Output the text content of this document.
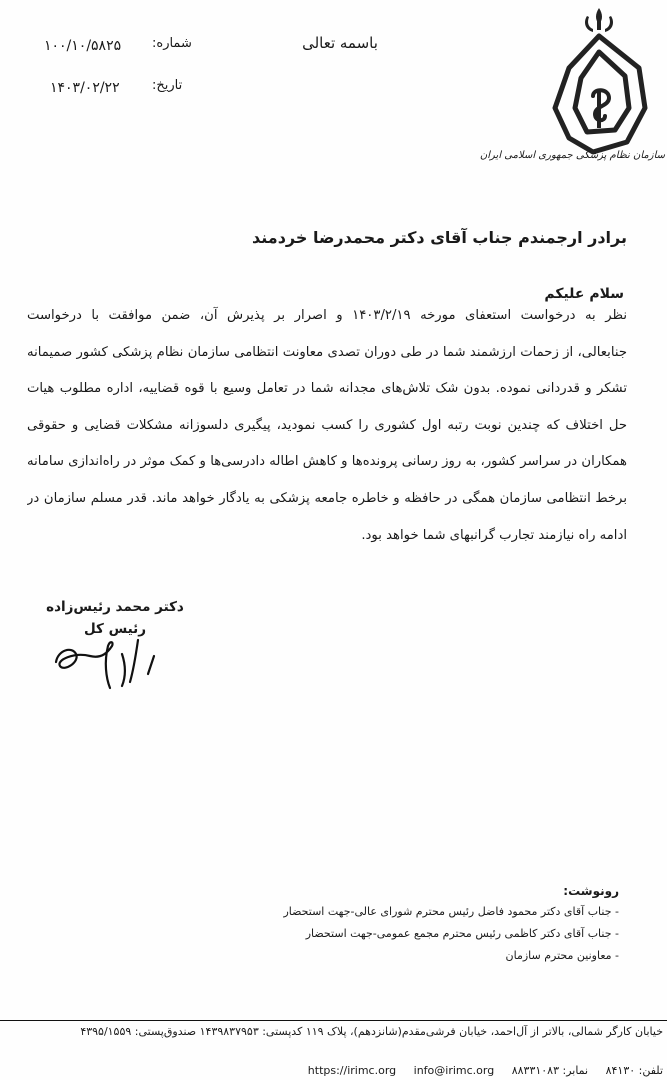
سازمان نظام پزشکی جمهوری اسلامی ایران
باسمه تعالی
شماره:
۱۰۰/۱۰/۵۸۲۵
تاریخ:
۱۴۰۳/۰۲/۲۲
برادر ارجمندم جناب آقای دکتر محمدرضا خردمند
سلام علیکم
نظر به درخواست استعفای مورخه ۱۴۰۳/۲/۱۹ و اصرار بر پذیرش آن، ضمن موافقت با درخواست
جنابعالی، از زحمات ارزشمند شما در طی دوران تصدی معاونت انتظامی سازمان نظام پزشکی کشور صمیمانه
تشکر و قدردانی نموده. بدون شک تلاش‌های مجدانه شما در تعامل وسیع با قوه قضاییه، اداره مطلوب هیات
حل اختلاف که چندین نوبت رتبه اول کشوری را کسب نمودید، پیگیری دلسوزانه مشکلات قضایی و حقوقی
همکاران در سراسر کشور، به روز رسانی پرونده‌ها و کاهش اطاله دادرسی‌ها و کمک موثر در راه‌اندازی سامانه
برخط انتظامی سازمان همگی در حافظه و خاطره جامعه پزشکی به یادگار خواهد ماند. قدر مسلم سازمان در
ادامه راه نیازمند تجارب گرانبهای شما خواهد بود.
دکتر محمد رئیس‌زاده
رئیس کل
رونوشت:
- جناب آقای دکتر محمود فاضل رئیس محترم شورای عالی-جهت استحضار
- جناب آقای دکتر کاظمی رئیس محترم مجمع عمومی-جهت استحضار
- معاونین محترم سازمان
خیابان کارگر شمالی، بالاتر از آل‌احمد، خیابان فرشی‌مقدم(شانزدهم)، پلاک ۱۱۹ کدپستی: ۱۴۳۹۸۳۷۹۵۳ صندوق‌پستی: ۴۳۹۵/۱۵۵۹
تلفن: ۸۴۱۳۰ نمابر: ۸۸۳۳۱۰۸۳ https://irimc.org info@irimc.org
